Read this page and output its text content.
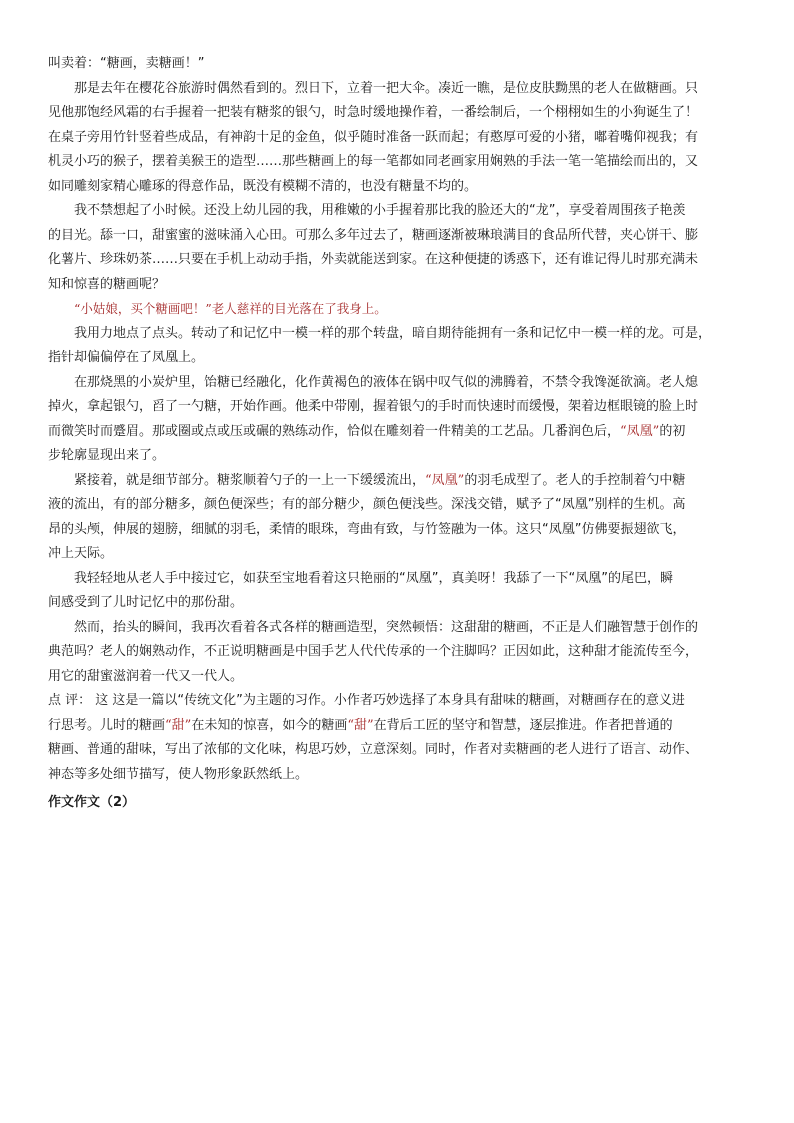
叫卖着：“糖画，卖糖画！”
那是去年在樱花谷旅游时偶然看到的。烈日下，立着一把大伞。凑近一瞧，是位皮肤黝黑的老人在做糖画。只
见他那饱经风霜的右手握着一把装有糖浆的银勺，时急时缓地操作着，一番绘制后，一个栩栩如生的小狗诞生了！
在桌子旁用竹针竖着些成品，有神韵十足的金鱼，似乎随时准备一跃而起；有憨厚可爱的小猪，嘟着嘴仰视我；有
机灵小巧的猴子，摆着美猴王的造型……那些糖画上的每一笔都如同老画家用娴熟的手法一笔一笔描绘而出的，又
如同雕刻家精心雕琢的得意作品，既没有模糊不清的，也没有糖量不均的。
我不禁想起了小时候。还没上幼儿园的我，用稚嫩的小手握着那比我的脸还大的“龙”，享受着周围孩子艳羡
的目光。舔一口，甜蜜蜜的滋味涌入心田。可那么多年过去了，糖画逐渐被琳琅满目的食品所代替，夹心饼干、膨
化薯片、珍珠奶茶……只要在手机上动动手指，外卖就能送到家。在这种便捷的诱惑下，还有谁记得儿时那充满未
知和惊喜的糖画呢？
“小姑娘，买个糖画吧！”老人慈祥的目光落在了我身上。
我用力地点了点头。转动了和记忆中一模一样的那个转盘，暗自期待能拥有一条和记忆中一模一样的龙。可是，
指针却偏偏停在了凤凰上。
在那烧黑的小炭炉里，饴糖已经融化，化作黄褐色的液体在锅中叹气似的沸腾着，不禁令我馋涎欲滴。老人熄
掉火，拿起银勺，舀了一勺糖，开始作画。他柔中带刚，握着银勺的手时而快速时而缓慢，架着边框眼镜的脸上时
而微笑时而蹙眉。那或圈或点或压或碾的熟练动作，恰似在雕刻着一件精美的工艺品。几番润色后，“凤凰”的初
步轮廓显现出来了。
紧接着，就是细节部分。糖浆顺着勺子的一上一下缓缓流出，“凤凰”的羽毛成型了。老人的手控制着勺中糖
液的流出，有的部分糖多，颜色便深些；有的部分糖少，颜色便浅些。深浅交错，赋予了“凤凰”别样的生机。高
昂的头颅，伸展的翅膀，细腻的羽毛，柔情的眼珠，弯曲有致，与竹签融为一体。这只“凤凰”仿佛要振翅欲飞，
冲上天际。
我轻轻地从老人手中接过它，如获至宝地看着这只艳丽的“凤凰”，真美呀！我舔了一下“凤凰”的尾巴，瞬
间感受到了儿时记忆中的那份甜。
然而，抬头的瞬间，我再次看着各式各样的糖画造型，突然顿悟：这甜甜的糖画，不正是人们融智慧于创作的
典范吗？老人的娴熟动作，不正说明糖画是中国手艺人代代传承的一个注脚吗？正因如此，这种甜才能流传至今，
用它的甜蜜滋润着一代又一代人。
点 评： 这 这是一篇以“传统文化”为主题的习作。小作者巧妙选择了本身具有甜味的糖画，对糖画存在的意义进
行思考。儿时的糖画“甜”在未知的惊喜，如今的糖画“甜”在背后工匠的坚守和智慧，逐层推进。作者把普通的
糖画、普通的甜味，写出了浓郁的文化味，构思巧妙，立意深刻。同时，作者对卖糖画的老人进行了语言、动作、
神态等多处细节描写，使人物形象跃然纸上。
作文作文（2）
